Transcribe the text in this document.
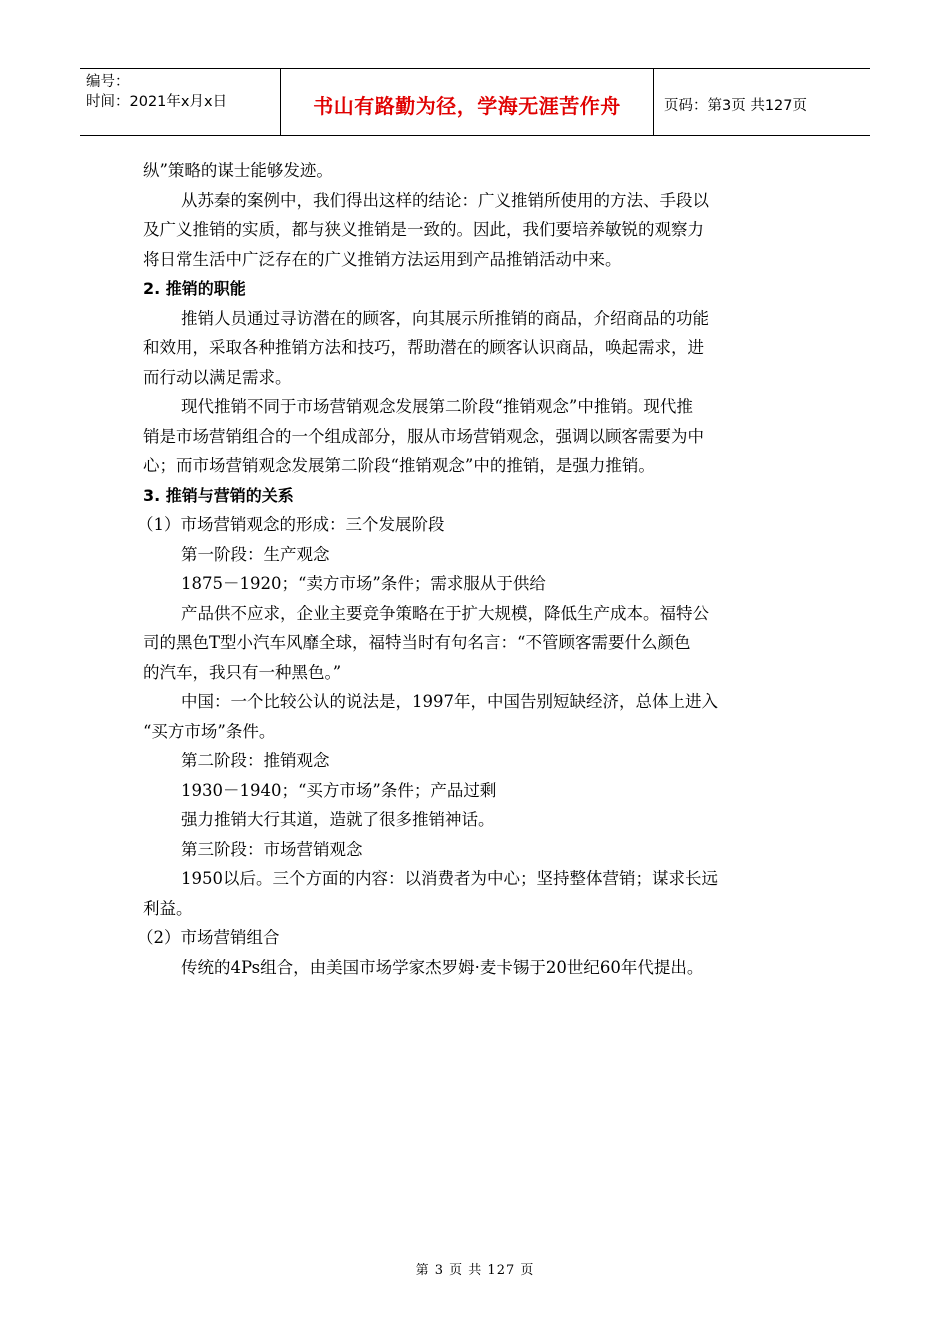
编号：
时间：2021年x月x日	书山有路勤为径，学海无涯苦作舟	页码：第3页 共127页
纵”策略的谋士能够发迹。
从苏秦的案例中，我们得出这样的结论：广义推销所使用的方法、手段以
及广义推销的实质，都与狭义推销是一致的。因此，我们要培养敏锐的观察力
将日常生活中广泛存在的广义推销方法运用到产品推销活动中来。
2. 推销的职能
推销人员通过寻访潜在的顾客，向其展示所推销的商品，介绍商品的功能
和效用，采取各种推销方法和技巧，帮助潜在的顾客认识商品，唤起需求，进
而行动以满足需求。
现代推销不同于市场营销观念发展第二阶段“推销观念”中推销。现代推
销是市场营销组合的一个组成部分，服从市场营销观念，强调以顾客需要为中
心；而市场营销观念发展第二阶段“推销观念”中的推销，是强力推销。
3. 推销与营销的关系
（1）市场营销观念的形成：三个发展阶段
第一阶段：生产观念
1875－1920；“卖方市场”条件；需求服从于供给
产品供不应求，企业主要竞争策略在于扩大规模，降低生产成本。福特公
司的黑色T型小汽车风靡全球，福特当时有句名言：“不管顾客需要什么颜色
的汽车，我只有一种黑色。”
中国：一个比较公认的说法是，1997年，中国告别短缺经济，总体上进入
“买方市场”条件。
第二阶段：推销观念
1930－1940；“买方市场”条件；产品过剩
强力推销大行其道，造就了很多推销神话。
第三阶段：市场营销观念
1950以后。三个方面的内容：以消费者为中心；坚持整体营销；谋求长远
利益。
（2）市场营销组合
传统的4Ps组合，由美国市场学家杰罗姆·麦卡锡于20世纪60年代提出。
第 3 页 共 127 页
